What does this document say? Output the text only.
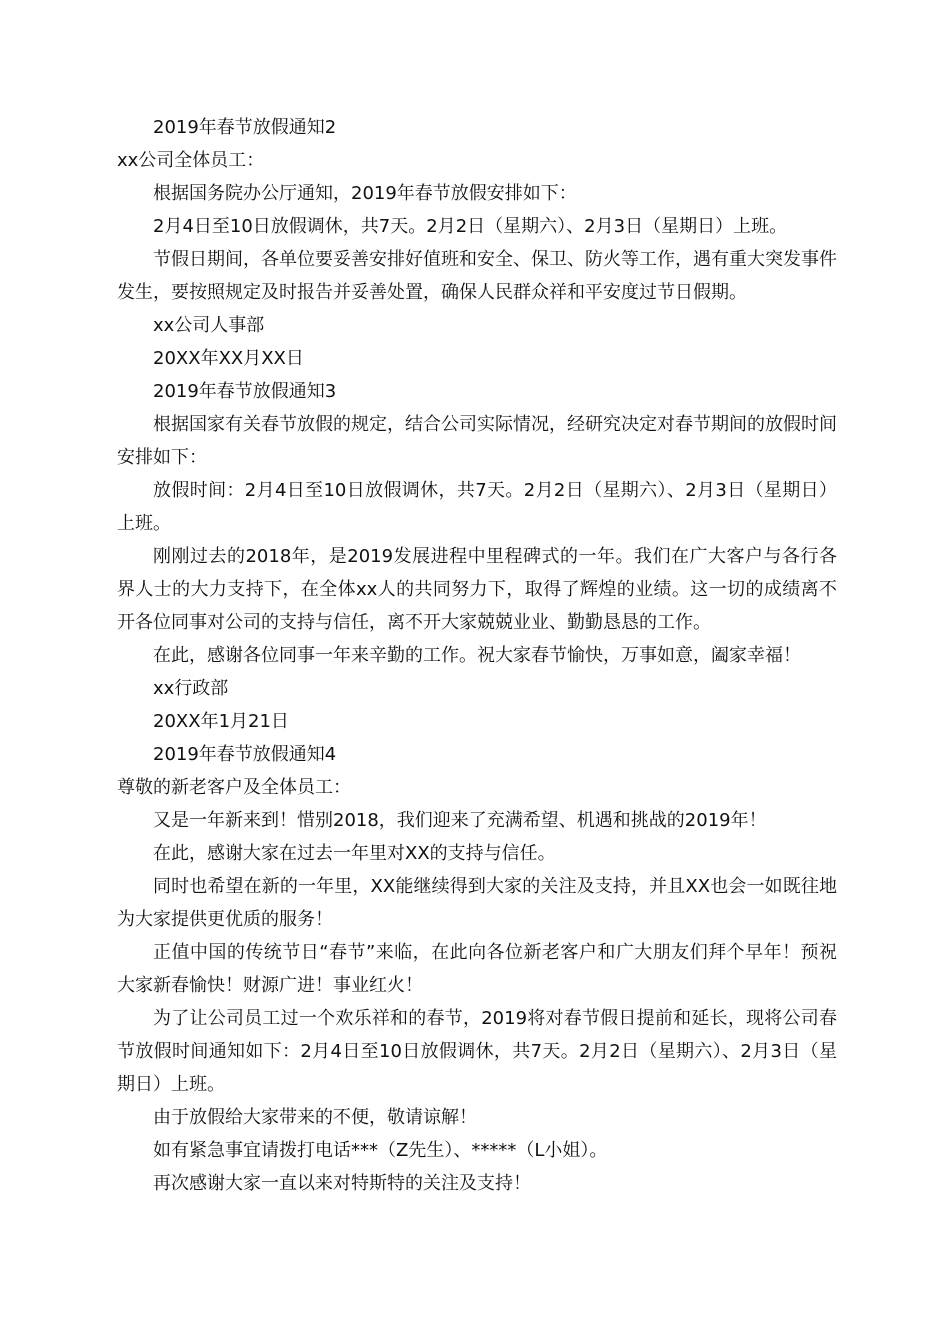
2019年春节放假通知2

xx公司全体员工：

根据国务院办公厅通知，2019年春节放假安排如下：

2月4日至10日放假调休，共7天。2月2日（星期六）、2月3日（星期日）上班。

节假日期间，各单位要妥善安排好值班和安全、保卫、防火等工作，遇有重大突发事件发生，要按照规定及时报告并妥善处置，确保人民群众祥和平安度过节日假期。

xx公司人事部

20XX年XX月XX日

2019年春节放假通知3

根据国家有关春节放假的规定，结合公司实际情况，经研究决定对春节期间的放假时间安排如下：

放假时间：2月4日至10日放假调休，共7天。2月2日（星期六）、2月3日（星期日）上班。

刚刚过去的2018年，是2019发展进程中里程碑式的一年。我们在广大客户与各行各界人士的大力支持下，在全体xx人的共同努力下，取得了辉煌的业绩。这一切的成绩离不开各位同事对公司的支持与信任，离不开大家兢兢业业、勤勤恳恳的工作。

在此，感谢各位同事一年来辛勤的工作。祝大家春节愉快，万事如意，阖家幸福！

xx行政部

20XX年1月21日

2019年春节放假通知4

尊敬的新老客户及全体员工：

又是一年新来到！惜别2018，我们迎来了充满希望、机遇和挑战的2019年！

在此，感谢大家在过去一年里对XX的支持与信任。

同时也希望在新的一年里，XX能继续得到大家的关注及支持，并且XX也会一如既往地为大家提供更优质的服务！

正值中国的传统节日“春节”来临，在此向各位新老客户和广大朋友们拜个早年！预祝大家新春愉快！财源广进！事业红火！

为了让公司员工过一个欢乐祥和的春节，2019将对春节假日提前和延长，现将公司春节放假时间通知如下：2月4日至10日放假调休，共7天。2月2日（星期六）、2月3日（星期日）上班。

由于放假给大家带来的不便，敬请谅解！

如有紧急事宜请拨打电话***（Z先生）、*****（L小姐）。

再次感谢大家一直以来对特斯特的关注及支持！
